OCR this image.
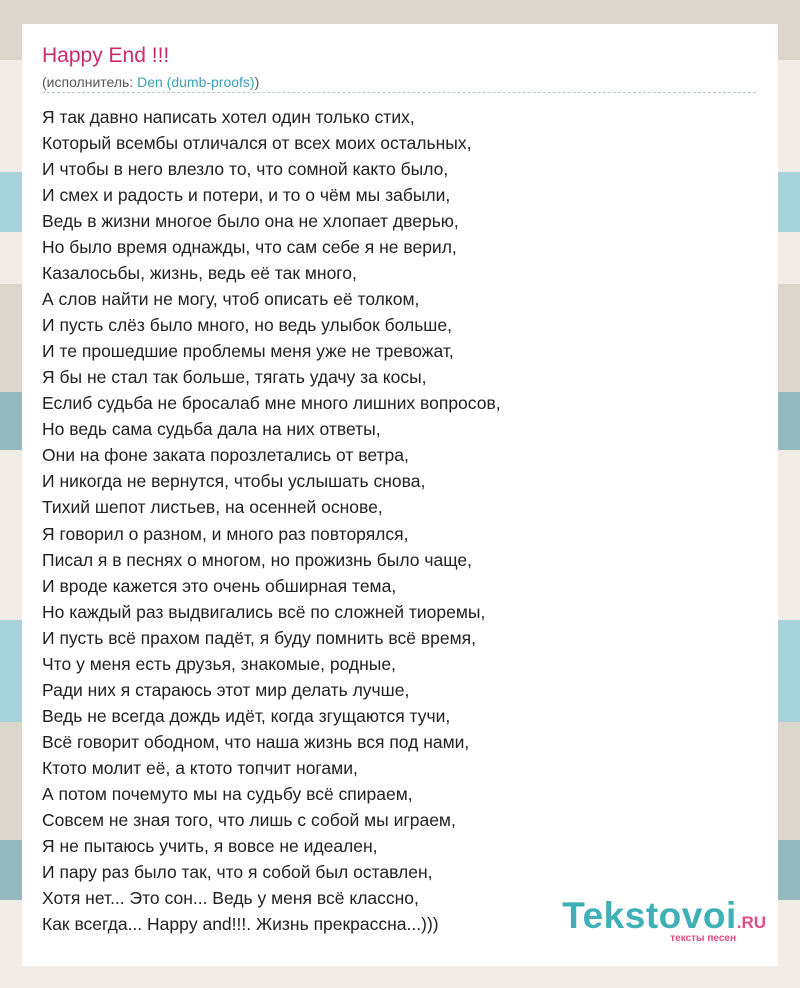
Happy End !!!
(исполнитель: Den (dumb-proofs))
Я так давно написать хотел один только стих,
Который всембы отличался от всех моих остальных,
И чтобы в него влезло то, что сомной както было,
И смех и радость и потери, и то о чём мы забыли,
Ведь в жизни многое было она не хлопает дверью,
Но было время однажды, что сам себе я не верил,
Казалосьбы, жизнь, ведь её так много,
А слов найти не могу, чтоб описать её толком,
И пусть слёз было много, но ведь улыбок больше,
И те прошедшие проблемы меня уже не тревожат,
Я бы не стал так больше, тягать удачу за косы,
Еслиб судьба не бросалаб мне много лишних вопросов,
Но ведь сама судьба дала на них ответы,
Они на фоне заката порозлетались от ветра,
И никогда не вернутся, чтобы услышать снова,
Тихий шепот листьев, на осенней основе,
Я говорил о разном, и много раз повторялся,
Писал я в песнях о многом, но прожизнь было чаще,
И вроде кажется это очень обширная тема,
Но каждый раз выдвигались всё по сложней тиоремы,
И пусть всё прахом падёт, я буду помнить всё время,
Что у меня есть друзья, знакомые, родные,
Ради них я стараюсь этот мир делать лучше,
Ведь не всегда дождь идёт, когда згущаются тучи,
Всё говорит ободном, что наша жизнь вся под нами,
Ктото молит её, а ктото топчит ногами,
А потом почемуто мы на судьбу всё спираем,
Совсем не зная того, что лишь с собой мы играем,
Я не пытаюсь учить, я вовсе не идеален,
И пару раз было так, что я собой был оставлен,
Хотя нет... Это сон... Ведь у меня всё классно,
Как всегда... Happy and!!!. Жизнь прекрассна...)))	Tekstovoi.RU
тексты песен
